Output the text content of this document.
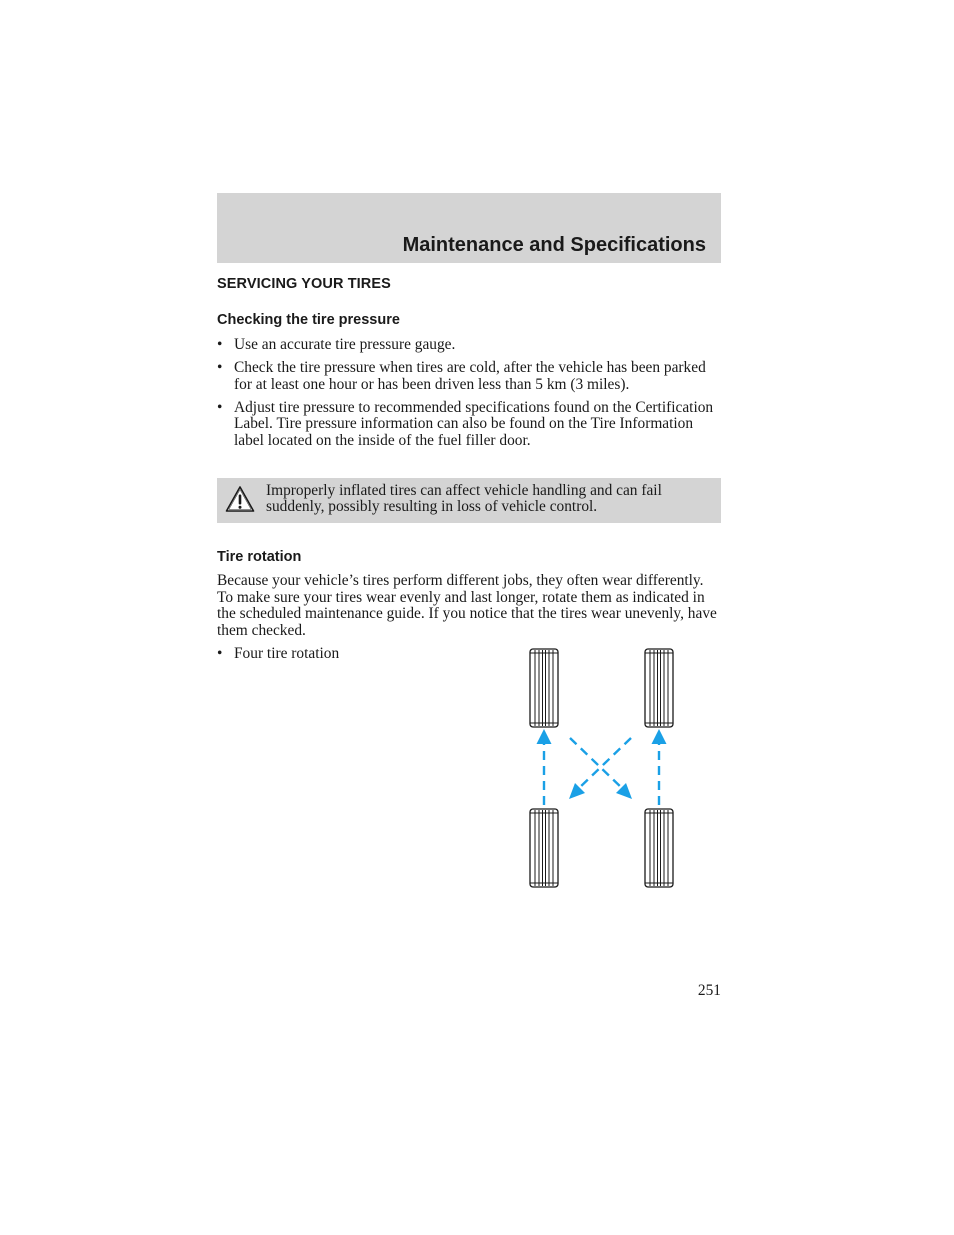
Maintenance and Specifications
SERVICING YOUR TIRES
Checking the tire pressure
• Use an accurate tire pressure gauge.
• Check the tire pressure when tires are cold, after the vehicle has been parked for at least one hour or has been driven less than 5 km (3 miles).
• Adjust tire pressure to recommended specifications found on the Certification Label. Tire pressure information can also be found on the Tire Information label located on the inside of the fuel filler door.
Improperly inflated tires can affect vehicle handling and can fail suddenly, possibly resulting in loss of vehicle control.
Tire rotation

Because your vehicle’s tires perform different jobs, they often wear differently. To make sure your tires wear evenly and last longer, rotate them as indicated in the scheduled maintenance guide. If you notice that the tires wear unevenly, have them checked.

• Four tire rotation
251
